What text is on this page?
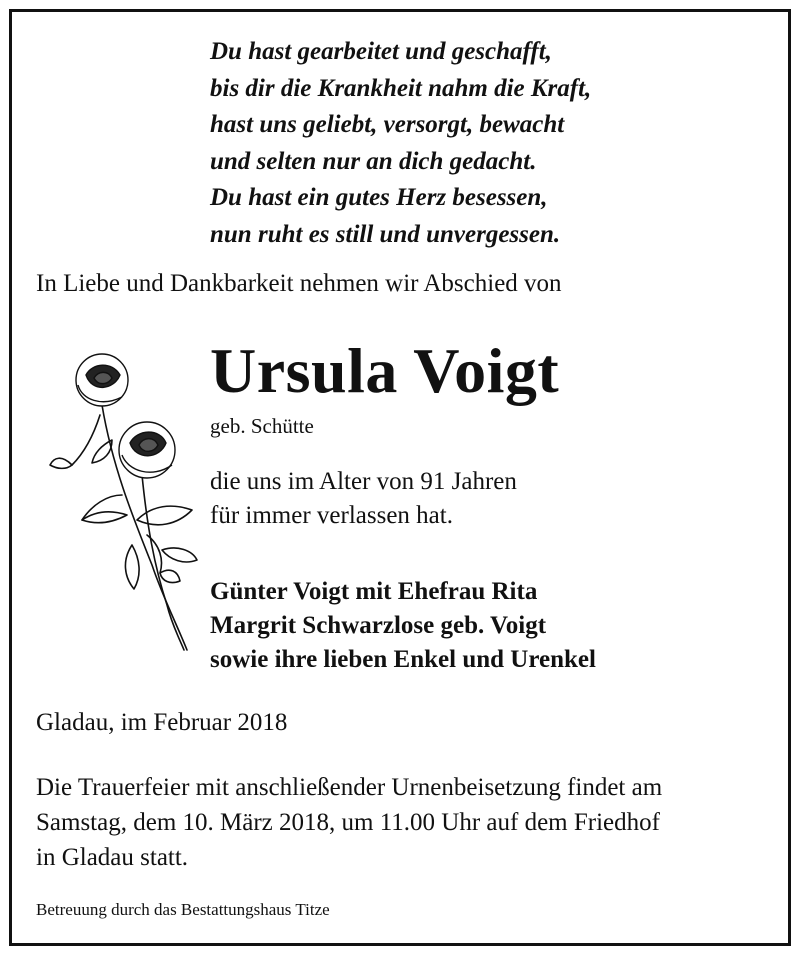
Du hast gearbeitet und geschafft,
bis dir die Krankheit nahm die Kraft,
hast uns geliebt, versorgt, bewacht
und selten nur an dich gedacht.
Du hast ein gutes Herz besessen,
nun ruht es still und unvergessen.
In Liebe und Dankbarkeit nehmen wir Abschied von
Ursula Voigt
geb. Schütte
die uns im Alter von 91 Jahren
für immer verlassen hat.
Günter Voigt mit Ehefrau Rita
Margrit Schwarzlose geb. Voigt
sowie ihre lieben Enkel und Urenkel
Gladau, im Februar 2018
Die Trauerfeier mit anschließender Urnenbeisetzung findet am
Samstag, dem 10. März 2018, um 11.00 Uhr auf dem Friedhof
in Gladau statt.
Betreuung durch das Bestattungshaus Titze
